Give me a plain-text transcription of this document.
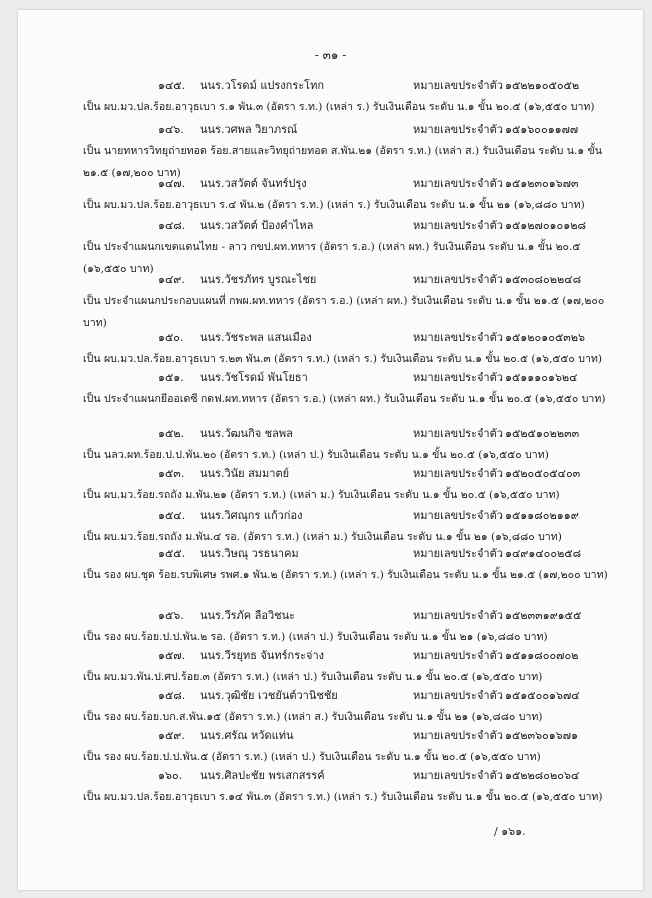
- ๓๑ -
๑๔๕. นนร.วโรดม์ แปรงกระโทก	หมายเลขประจำตัว ๑๕๒๒๑๐๕๐๕๒
เป็น ผบ.มว.ปล.ร้อย.อาวุธเบา ร.๑ พัน.๓ (อัตรา ร.ท.) (เหล่า ร.) รับเงินเดือน ระดับ น.๑ ขั้น ๒๐.๕ (๑๖,๕๕๐ บาท)
๑๔๖. นนร.วศพล วิยาภรณ์	หมายเลขประจำตัว ๑๕๑๖๐๐๑๑๗๗
เป็น นายทหารวิทยุถ่ายทอด ร้อย.สายและวิทยุถ่ายทอด ส.พัน.๒๑ (อัตรา ร.ท.) (เหล่า ส.) รับเงินเดือน ระดับ น.๑ ขั้น ๒๑.๕ (๑๗,๒๐๐ บาท)
๑๔๗. นนร.วสวัตต์ จันทร์ปรุง	หมายเลขประจำตัว ๑๕๑๒๓๐๑๖๗๓
เป็น ผบ.มว.ปล.ร้อย.อาวุธเบา ร.๔ พัน.๒ (อัตรา ร.ท.) (เหล่า ร.) รับเงินเดือน ระดับ น.๑ ขั้น ๒๑ (๑๖,๘๘๐ บาท)
๑๔๘. นนร.วสวัตต์ ป้องคำไหล	หมายเลขประจำตัว ๑๕๑๒๗๐๑๐๑๒๘
เป็น ประจำแผนกเขตแดนไทย - ลาว กขป.ผท.ทหาร (อัตรา ร.อ.) (เหล่า ผท.) รับเงินเดือน ระดับ น.๑ ขั้น ๒๐.๕ (๑๖,๕๕๐ บาท)
๑๔๙. นนร.วัชรภัทร บูรณะไชย	หมายเลขประจำตัว ๑๕๓๐๘๐๒๒๔๘
เป็น ประจำแผนกประกอบแผนที่ กพผ.ผท.ทหาร (อัตรา ร.อ.) (เหล่า ผท.) รับเงินเดือน ระดับ น.๑ ขั้น ๒๑.๕ (๑๗,๒๐๐ บาท)
๑๕๐. นนร.วัชระพล แสนเมือง	หมายเลขประจำตัว ๑๕๑๒๐๑๐๕๓๒๖
เป็น ผบ.มว.ปล.ร้อย.อาวุธเบา ร.๒๓ พัน.๓ (อัตรา ร.ท.) (เหล่า ร.) รับเงินเดือน ระดับ น.๑ ขั้น ๒๐.๕ (๑๖,๕๕๐ บาท)
๑๕๑. นนร.วัชโรดม์ พันโยธา	หมายเลขประจำตัว ๑๕๑๑๑๐๑๖๒๔
เป็น ประจำแผนกยีออเดซี กดฟ.ผท.ทหาร (อัตรา ร.อ.) (เหล่า ผท.) รับเงินเดือน ระดับ น.๑ ขั้น ๒๐.๕ (๑๖,๕๕๐ บาท)
๑๕๒. นนร.วัฒนกิจ ชลพล	หมายเลขประจำตัว ๑๕๒๕๑๐๒๒๓๓
เป็น นลว.ผท.ร้อย.ป.ป.พัน.๒๐ (อัตรา ร.ท.) (เหล่า ป.) รับเงินเดือน ระดับ น.๑ ขั้น ๒๐.๕ (๑๖,๕๕๐ บาท)
๑๕๓. นนร.วินัย สมมาตย์	หมายเลขประจำตัว ๑๕๒๐๕๐๕๔๐๓
เป็น ผบ.มว.ร้อย.รถถัง ม.พัน.๒๑ (อัตรา ร.ท.) (เหล่า ม.) รับเงินเดือน ระดับ น.๑ ขั้น ๒๐.๕ (๑๖,๕๕๐ บาท)
๑๕๔. นนร.วิศณุกร แก้วก่อง	หมายเลขประจำตัว ๑๕๑๑๘๐๒๑๑๙
เป็น ผบ.มว.ร้อย.รถถัง ม.พัน.๔ รอ. (อัตรา ร.ท.) (เหล่า ม.) รับเงินเดือน ระดับ น.๑ ขั้น ๒๑ (๑๖,๘๘๐ บาท)
๑๕๕. นนร.วิษณุ วรธนาคม	หมายเลขประจำตัว ๑๔๙๑๔๐๐๒๕๘
เป็น รอง ผบ.ชุด ร้อย.รบพิเศษ รพศ.๑ พัน.๒ (อัตรา ร.ท.) (เหล่า ร.) รับเงินเดือน ระดับ น.๑ ขั้น ๒๑.๕ (๑๗,๒๐๐ บาท)
๑๕๖. นนร.วีรภัค ลือวิชนะ	หมายเลขประจำตัว ๑๕๒๓๓๑๙๑๕๕
เป็น รอง ผบ.ร้อย.ป.ป.พัน.๒ รอ. (อัตรา ร.ท.) (เหล่า ป.) รับเงินเดือน ระดับ น.๑ ขั้น ๒๑ (๑๖,๘๘๐ บาท)
๑๕๗. นนร.วีรยุทธ จันทร์กระจ่าง	หมายเลขประจำตัว ๑๕๑๑๘๐๐๗๐๒
เป็น ผบ.มว.พัน.ป.ศป.ร้อย.๓ (อัตรา ร.ท.) (เหล่า ป.) รับเงินเดือน ระดับ น.๑ ขั้น ๒๐.๕ (๑๖,๕๕๐ บาท)
๑๕๘. นนร.วุฒิชัย เวชยันต์วานิชชัย	หมายเลขประจำตัว ๑๕๑๕๐๐๑๖๗๔
เป็น รอง ผบ.ร้อย.บก.ส.พัน.๑๕ (อัตรา ร.ท.) (เหล่า ส.) รับเงินเดือน ระดับ น.๑ ขั้น ๒๑ (๑๖,๘๘๐ บาท)
๑๕๙. นนร.ศรัณ หวัดแท่น	หมายเลขประจำตัว ๑๕๒๓๖๐๑๖๗๑
เป็น รอง ผบ.ร้อย.ป.ป.พัน.๕ (อัตรา ร.ท.) (เหล่า ป.) รับเงินเดือน ระดับ น.๑ ขั้น ๒๐.๕ (๑๖,๕๕๐ บาท)
๑๖๐. นนร.ศิลปะชัย พรเสกสรรค์	หมายเลขประจำตัว ๑๕๒๒๘๐๒๐๖๔
เป็น ผบ.มว.ปล.ร้อย.อาวุธเบา ร.๑๔ พัน.๓ (อัตรา ร.ท.) (เหล่า ร.) รับเงินเดือน ระดับ น.๑ ขั้น ๒๐.๕ (๑๖,๕๕๐ บาท)
/ ๑๖๑.
